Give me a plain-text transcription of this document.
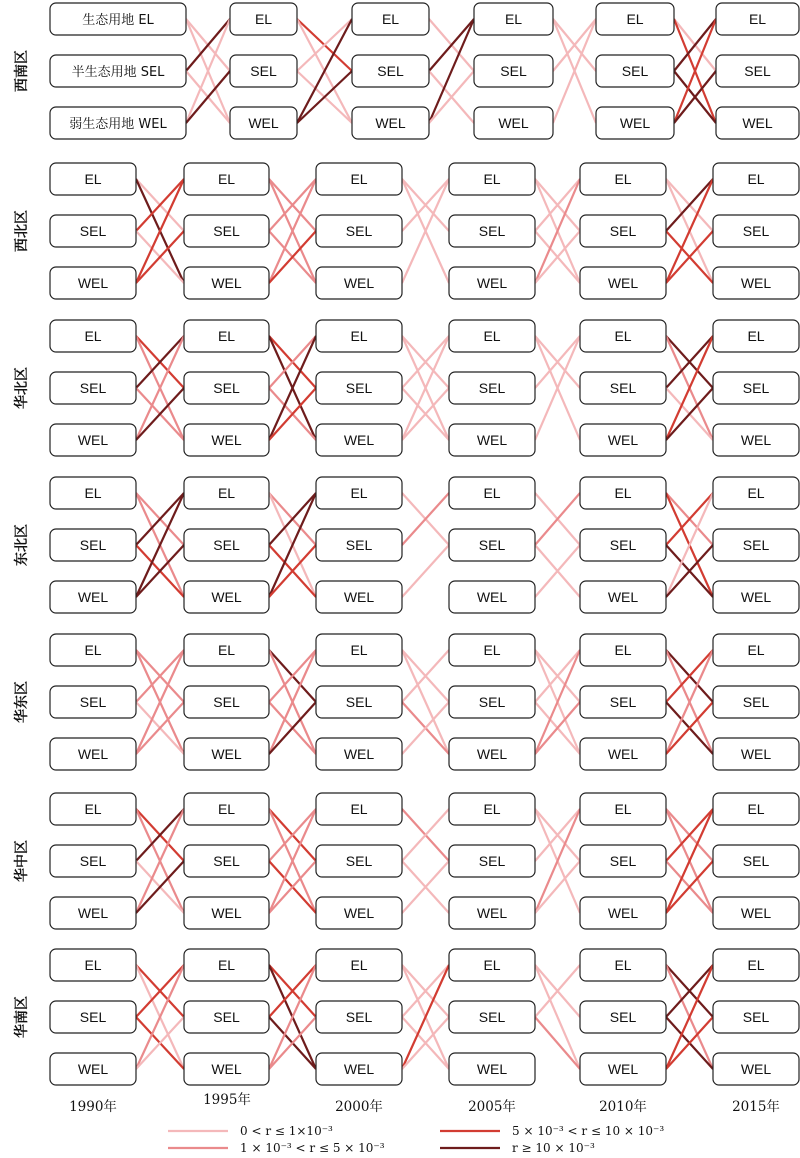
生态用地 EL
半生态用地 SEL
弱生态用地 WEL
EL
SEL
WEL
EL
SEL
WEL
EL
SEL
WEL
EL
SEL
WEL
EL
SEL
WEL
EL
SEL
WEL
EL
SEL
WEL
EL
SEL
WEL
EL
SEL
WEL
EL
SEL
WEL
EL
SEL
WEL
EL
SEL
WEL
EL
SEL
WEL
EL
SEL
WEL
EL
SEL
WEL
EL
SEL
WEL
EL
SEL
WEL
EL
SEL
WEL
EL
SEL
WEL
EL
SEL
WEL
EL
SEL
WEL
EL
SEL
WEL
EL
SEL
WEL
EL
SEL
WEL
EL
SEL
WEL
EL
SEL
WEL
EL
SEL
WEL
EL
SEL
WEL
EL
SEL
WEL
EL
SEL
WEL
EL
SEL
WEL
EL
SEL
WEL
EL
SEL
WEL
EL
SEL
WEL
EL
SEL
WEL
EL
SEL
WEL
EL
SEL
WEL
EL
SEL
WEL
EL
SEL
WEL
EL
SEL
WEL
EL
SEL
WEL
西南区
西北区
华北区
东北区
华东区
华中区
华南区
1990年	1995年	2000年	2005年	2010年	2015年
0 < r ≤ 1×10⁻³
1 × 10⁻³ < r ≤ 5 × 10⁻³
5 × 10⁻³ < r ≤ 10 × 10⁻³
r ≥ 10 × 10⁻³
